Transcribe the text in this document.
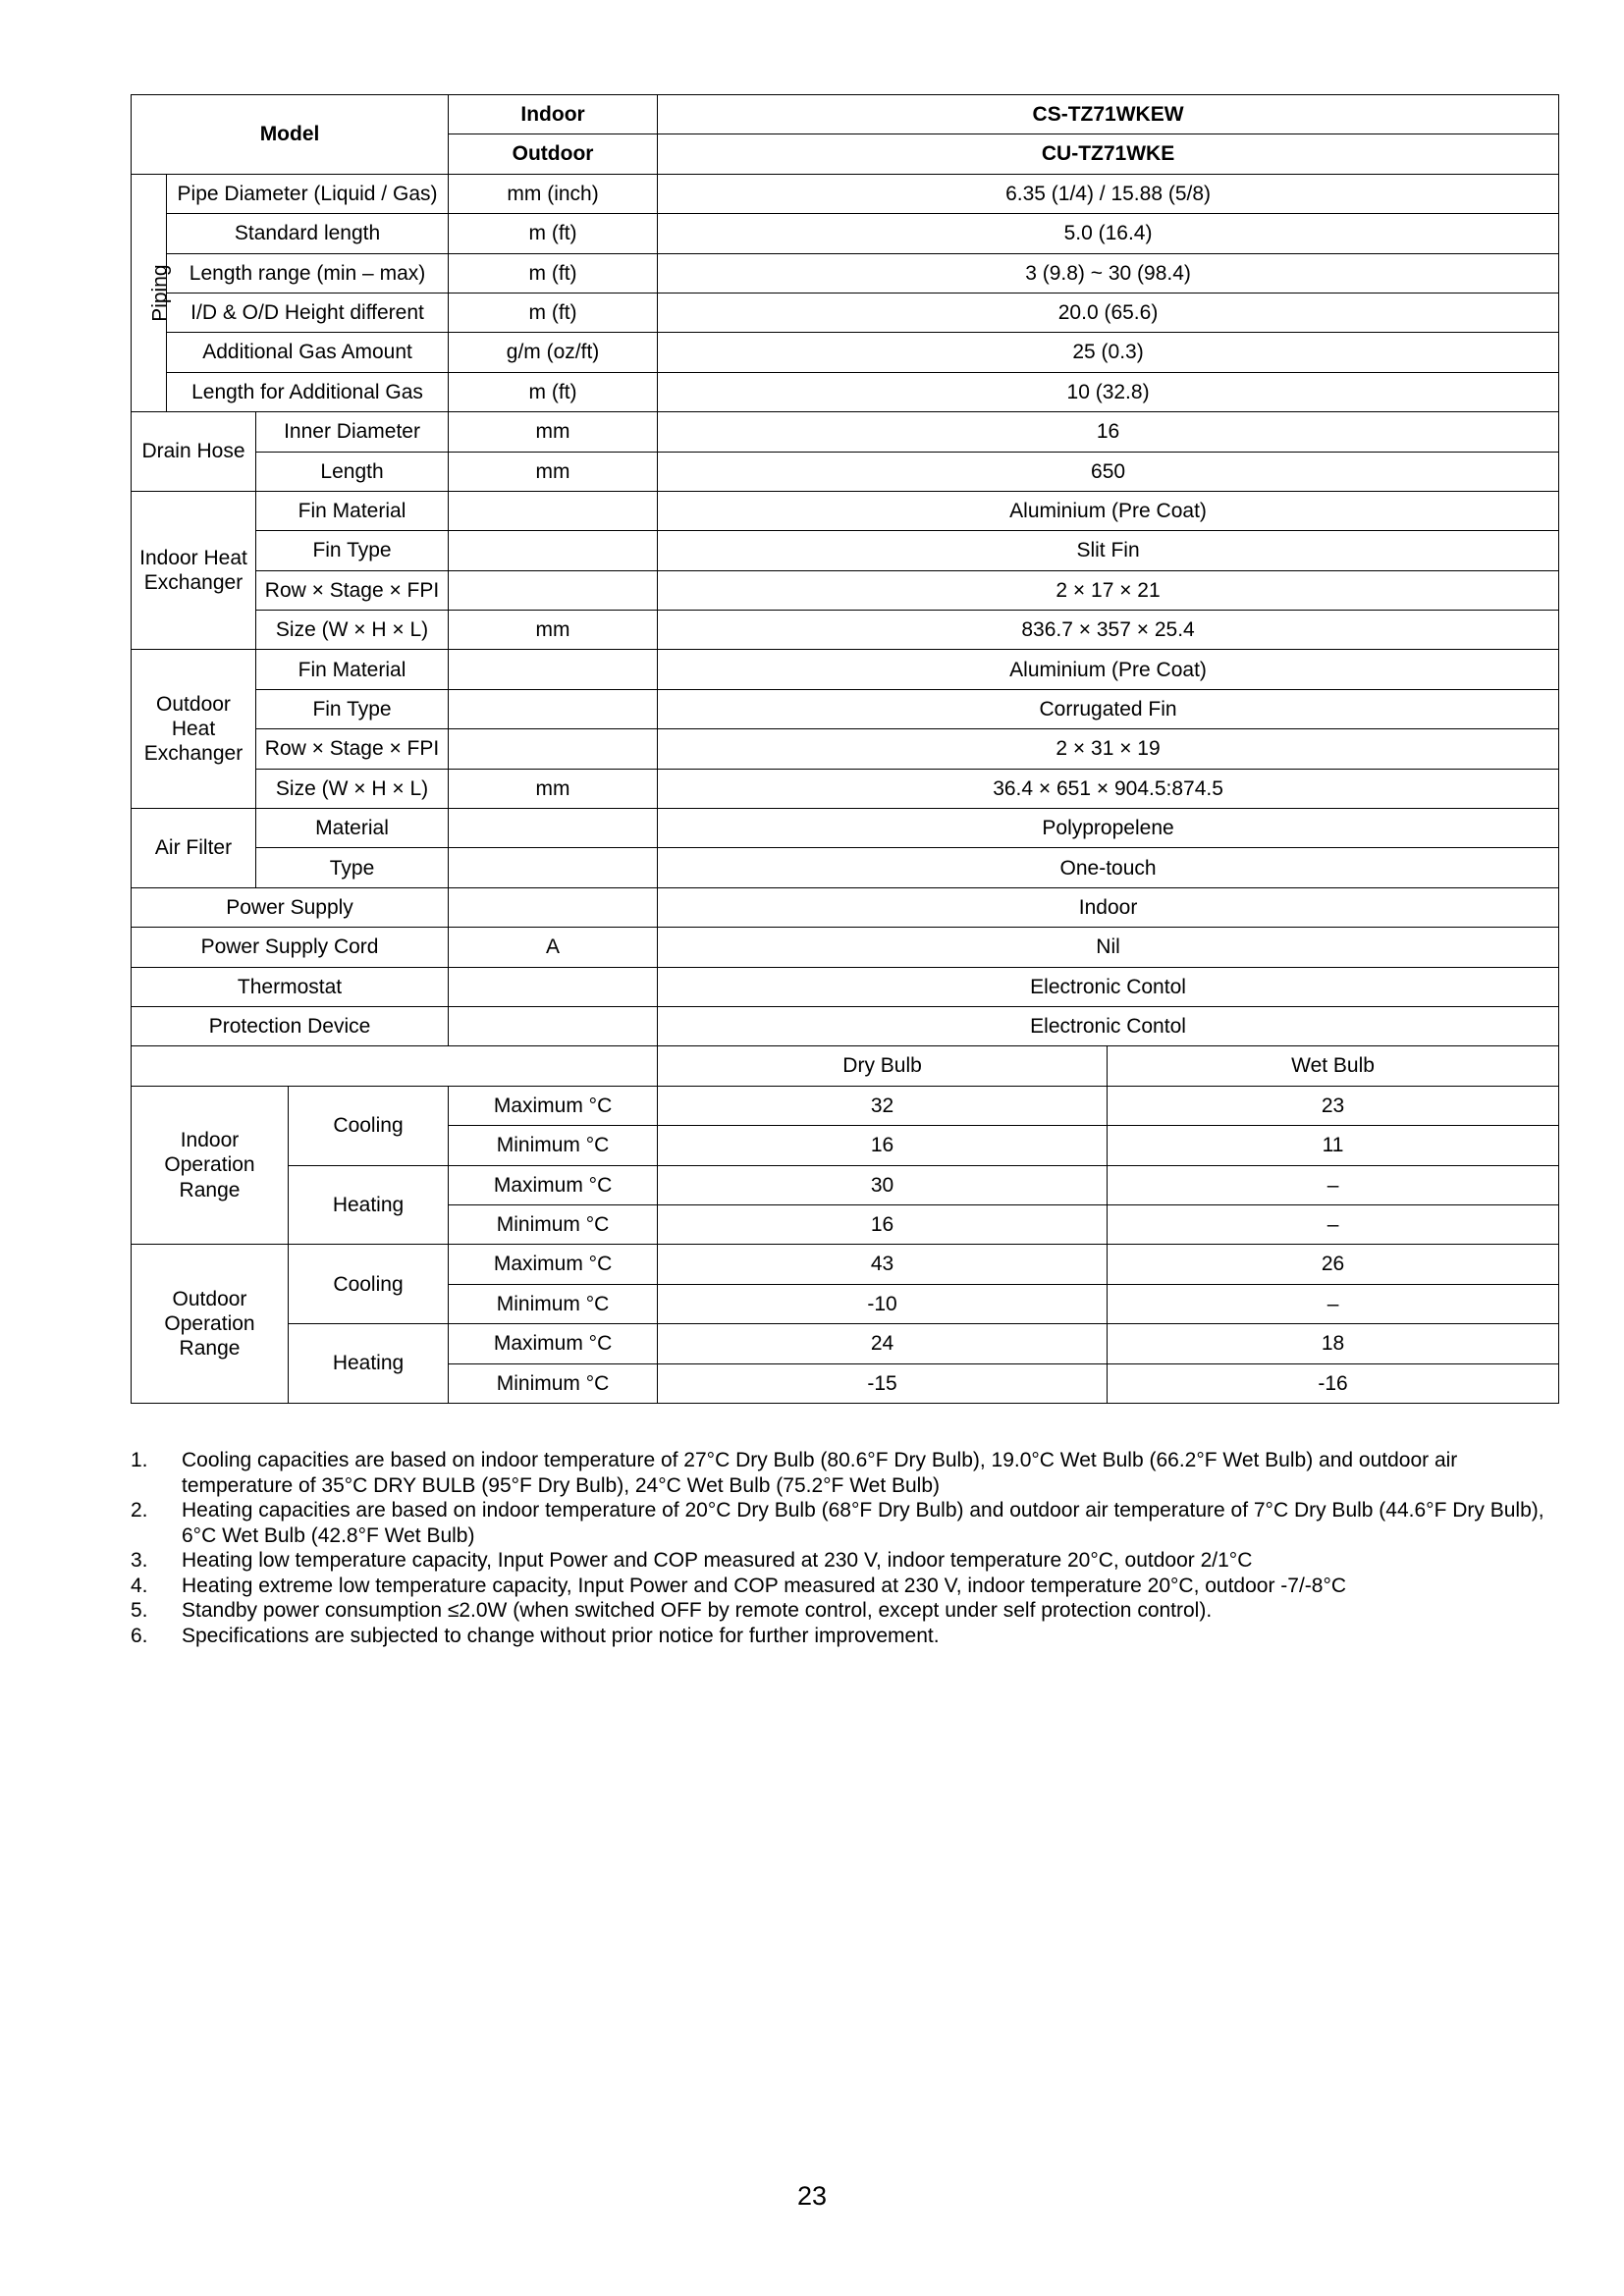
Model				Indoor	CS-TZ71WKEW	
				Outdoor	CU-TZ71WKE	
Piping	Pipe Diameter (Liquid / Gas)			mm (inch)	6.35 (1/4) / 15.88 (5/8)	
	Standard length			m (ft)	5.0 (16.4)	
	Length range (min – max)			m (ft)	3 (9.8) ~ 30 (98.4)	
	I/D & O/D Height different			m (ft)	20.0 (65.6)	
	Additional Gas Amount			g/m (oz/ft)	25 (0.3)	
	Length for Additional Gas			m (ft)	10 (32.8)	
Drain Hose		Inner Diameter		mm	16	
		Length		mm	650	
Indoor Heat Exchanger		Fin Material			Aluminium (Pre Coat)	
		Fin Type			Slit Fin	
		Row × Stage × FPI			2 × 17 × 21	
		Size (W × H × L)		mm	836.7 × 357 × 25.4	
Outdoor Heat Exchanger		Fin Material			Aluminium (Pre Coat)	
		Fin Type			Corrugated Fin	
		Row × Stage × FPI			2 × 31 × 19	
		Size (W × H × L)		mm	36.4 × 651 × 904.5:874.5	
Air Filter		Material			Polypropelene	
		Type			One-touch	
Power Supply					Indoor	
Power Supply Cord				A	Nil	
Thermostat					Electronic Contol	
Protection Device					Electronic Contol	
					Dry Bulb	Wet Bulb
Indoor Operation Range			Cooling	Maximum °C	32	23
				Minimum °C	16	11
			Heating	Maximum °C	30	–
				Minimum °C	16	–
Outdoor Operation Range			Cooling	Maximum °C	43	26
				Minimum °C	-10	–
			Heating	Maximum °C	24	18
				Minimum °C	-15	-16
1. Cooling capacities are based on indoor temperature of 27°C Dry Bulb (80.6°F Dry Bulb), 19.0°C Wet Bulb (66.2°F Wet Bulb) and outdoor air temperature of 35°C DRY BULB (95°F Dry Bulb), 24°C Wet Bulb (75.2°F Wet Bulb)
2. Heating capacities are based on indoor temperature of 20°C Dry Bulb (68°F Dry Bulb) and outdoor air temperature of 7°C Dry Bulb (44.6°F Dry Bulb), 6°C Wet Bulb (42.8°F Wet Bulb)
3. Heating low temperature capacity, Input Power and COP measured at 230 V, indoor temperature 20°C, outdoor 2/1°C
4. Heating extreme low temperature capacity, Input Power and COP measured at 230 V, indoor temperature 20°C, outdoor -7/-8°C
5. Standby power consumption ≤2.0W (when switched OFF by remote control, except under self protection control).
6. Specifications are subjected to change without prior notice for further improvement.
23
